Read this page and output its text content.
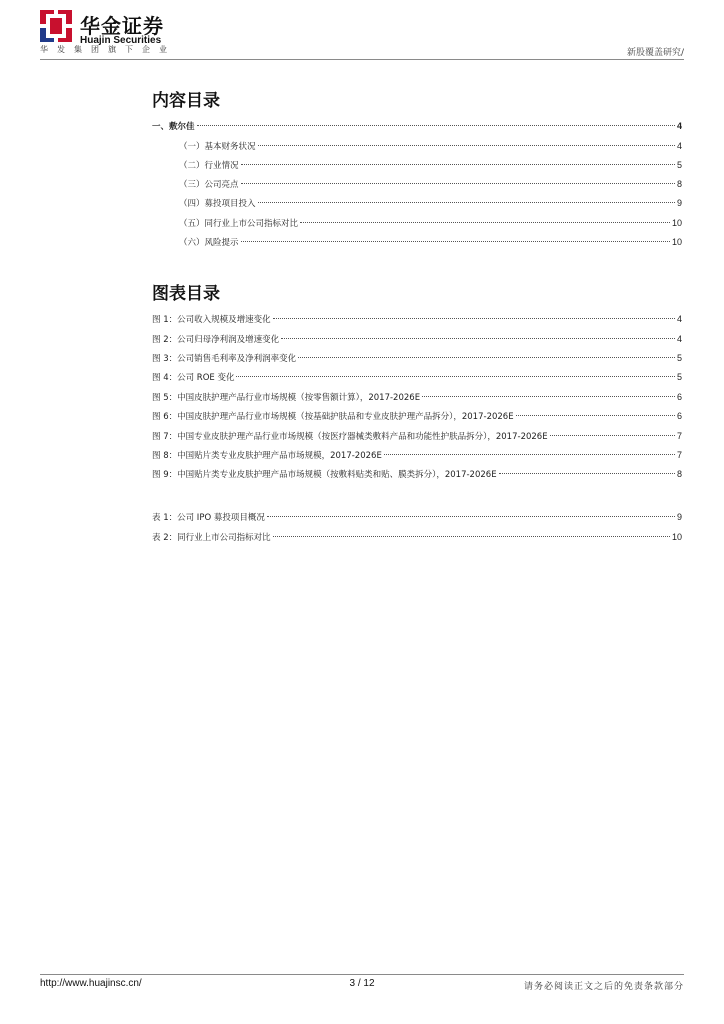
华金证券
Huajin Securities
华发集团旗下企业	新股覆盖研究/
内容目录
一、敷尔佳	4
（一）基本财务状况	4
（二）行业情况	5
（三）公司亮点	8
（四）募投项目投入	9
（五）同行业上市公司指标对比	10
（六）风险提示	10
图表目录
图 1：公司收入规模及增速变化	4
图 2：公司归母净利润及增速变化	4
图 3：公司销售毛利率及净利润率变化	5
图 4：公司 ROE 变化	5
图 5：中国皮肤护理产品行业市场规模（按零售额计算），2017-2026E	6
图 6：中国皮肤护理产品行业市场规模（按基础护肤品和专业皮肤护理产品拆分），2017-2026E	6
图 7：中国专业皮肤护理产品行业市场规模（按医疗器械类敷料产品和功能性护肤品拆分），2017-2026E	7
图 8：中国贴片类专业皮肤护理产品市场规模，2017-2026E	7
图 9：中国贴片类专业皮肤护理产品市场规模（按敷料贴类和贴、膜类拆分），2017-2026E	8
表 1：公司 IPO 募投项目概况	9
表 2：同行业上市公司指标对比	10
http://www.huajinsc.cn/	3 / 12	请务必阅读正文之后的免责条款部分
